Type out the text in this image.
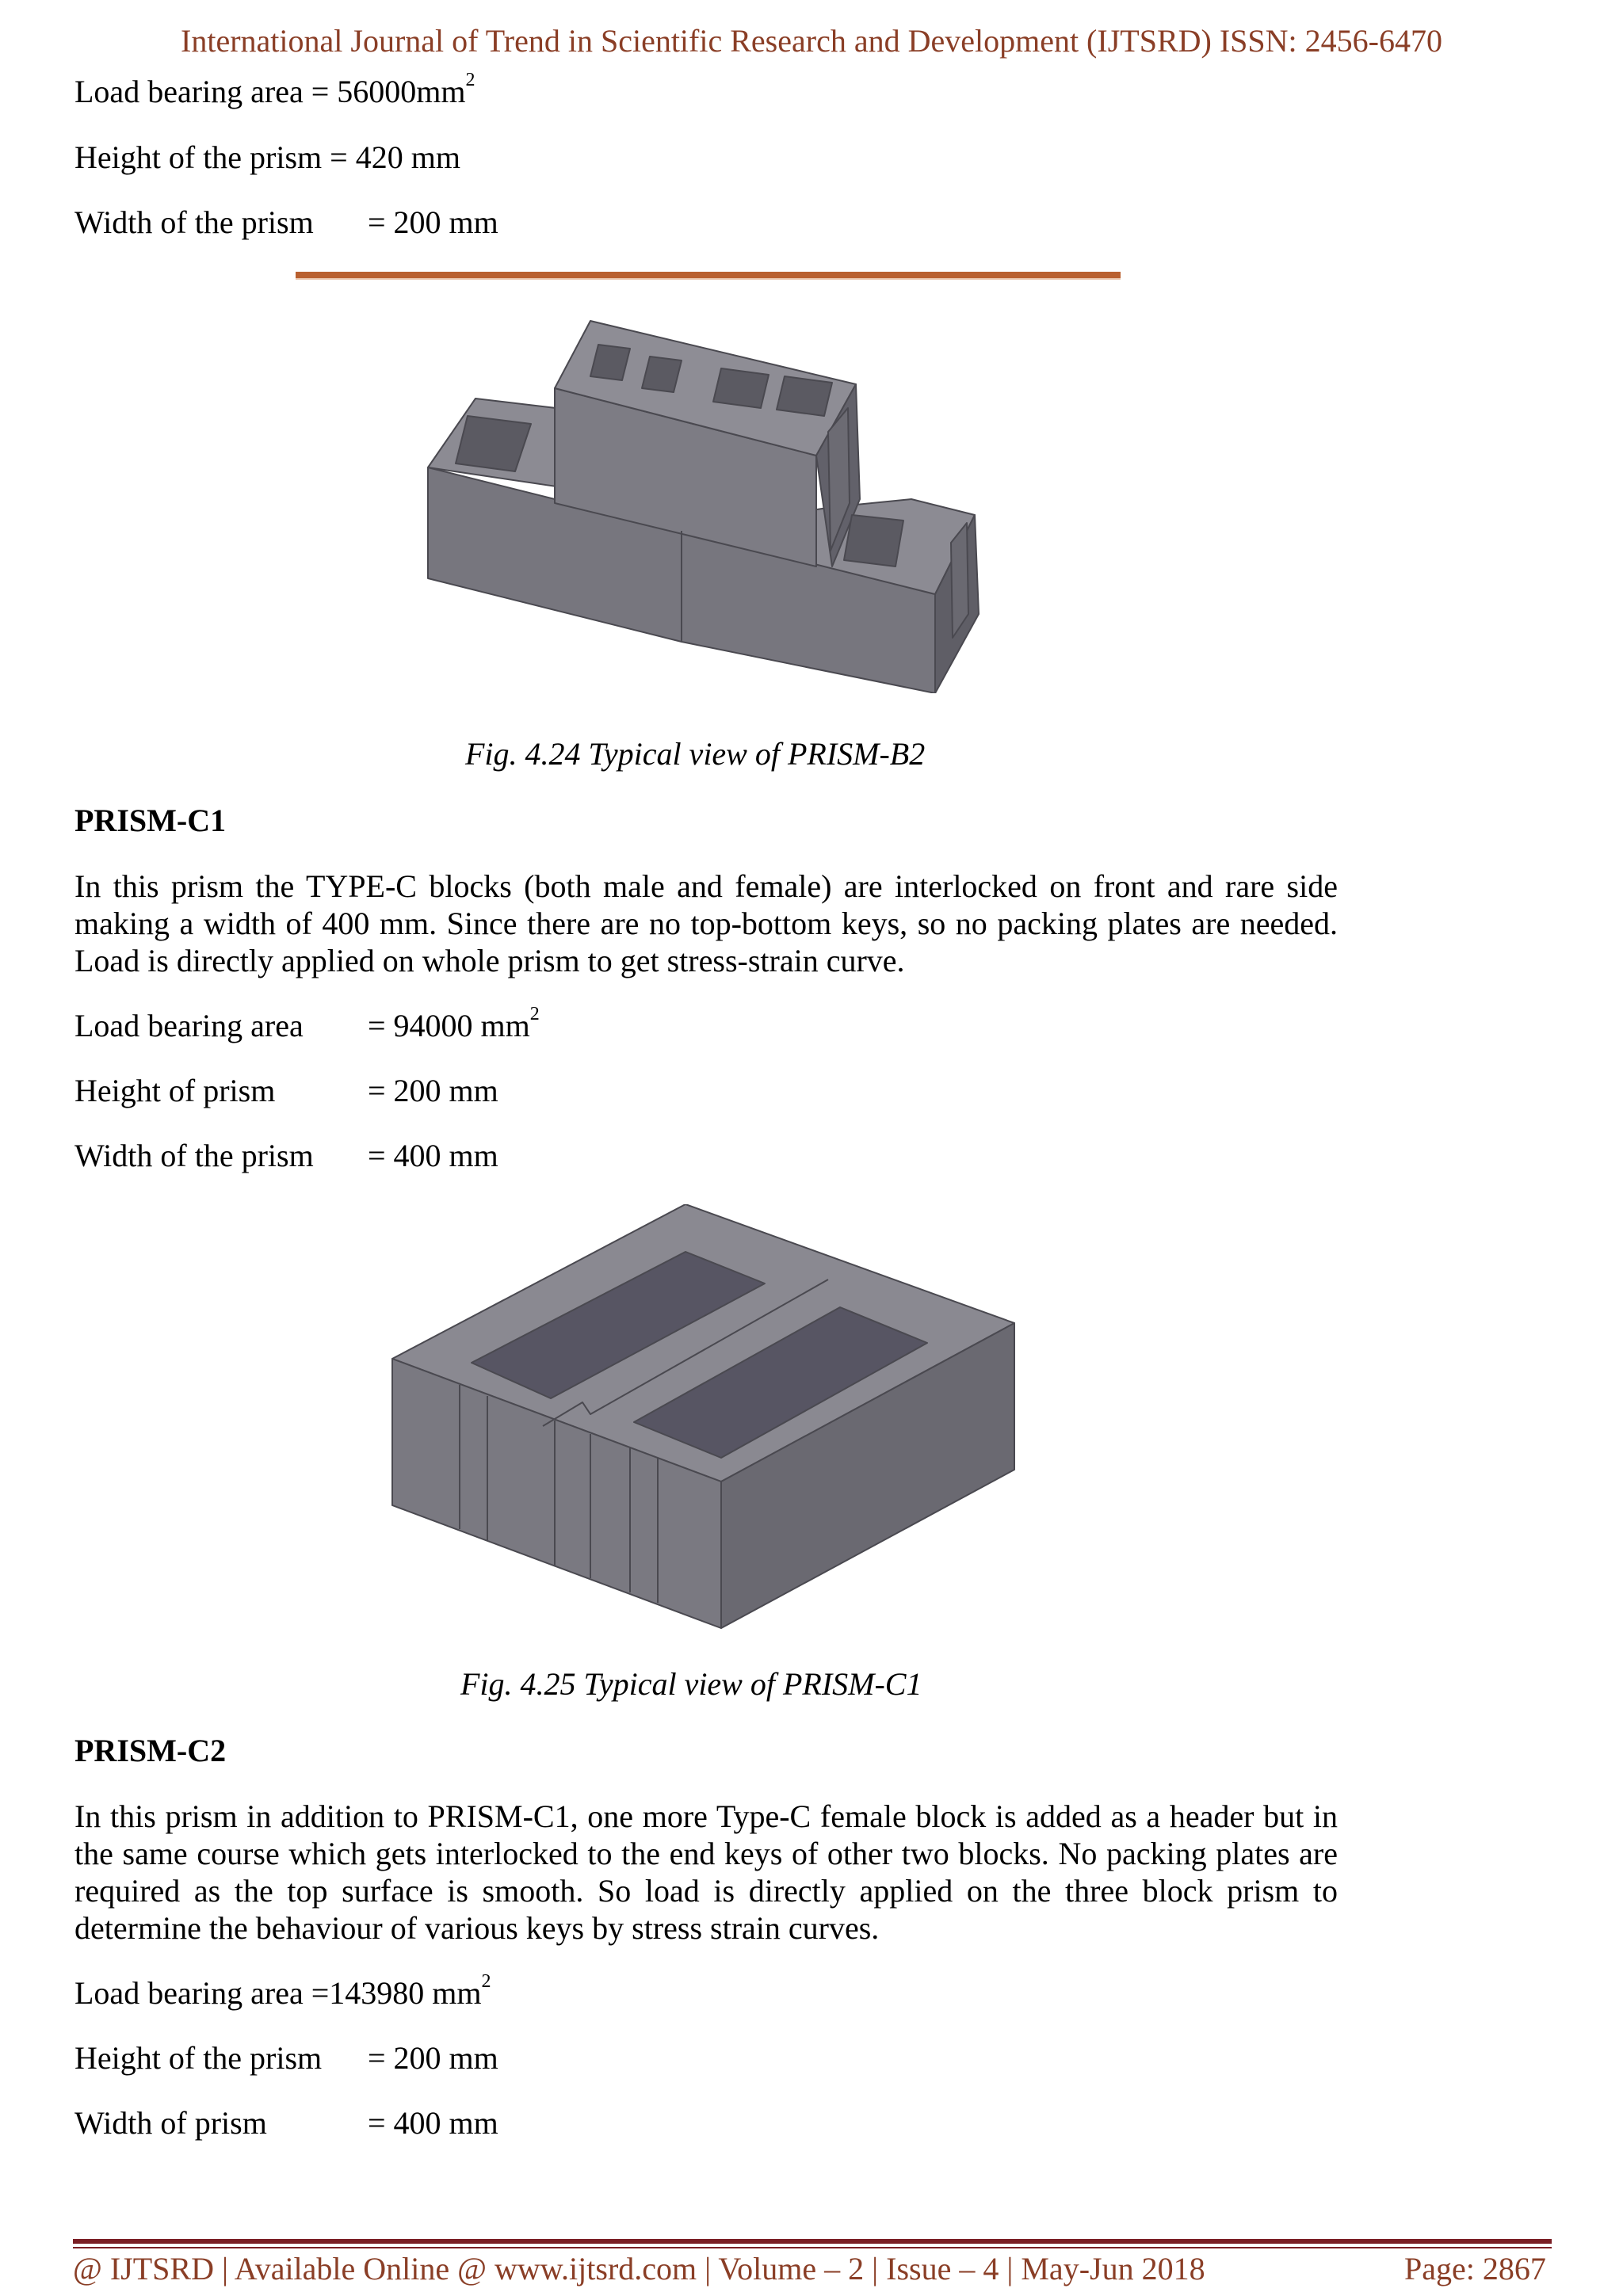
International Journal of Trend in Scientific Research and Development (IJTSRD) ISSN: 2456-6470
Load bearing area = $56000mm^2$
Height of the prism = 420 mm
Width of the prism = 200 mm
Fig. 4.24 Typical view of PRISM-B2
PRISM-C1
In this prism the TYPE-C blocks (both male and female) are interlocked on front and rare side making a width of 400 mm. Since there are no top-bottom keys, so no packing plates are needed. Load is directly applied on whole prism to get stress-strain curve.
Load bearing area = 94000 $mm^2$
Height of prism	= 200 mm
Width of the prism = 400 mm
Fig. 4.25 Typical view of PRISM-C1
PRISM-C2
In this prism in addition to PRISM-C1, one more Type-C female block is added as a header but in the same course which gets interlocked to the end keys of other two blocks. No packing plates are required as the top surface is smooth. So load is directly applied on the three block prism to determine the behaviour of various keys by stress strain curves.
Load bearing area =143980 $mm^2$
Height of the prism = 200 mm
Width of prism	= 400 mm
@ IJTSRD | Available Online @ www.ijtsrd.com | Volume – 2 | Issue – 4 | May-Jun 2018	Page: 2867
